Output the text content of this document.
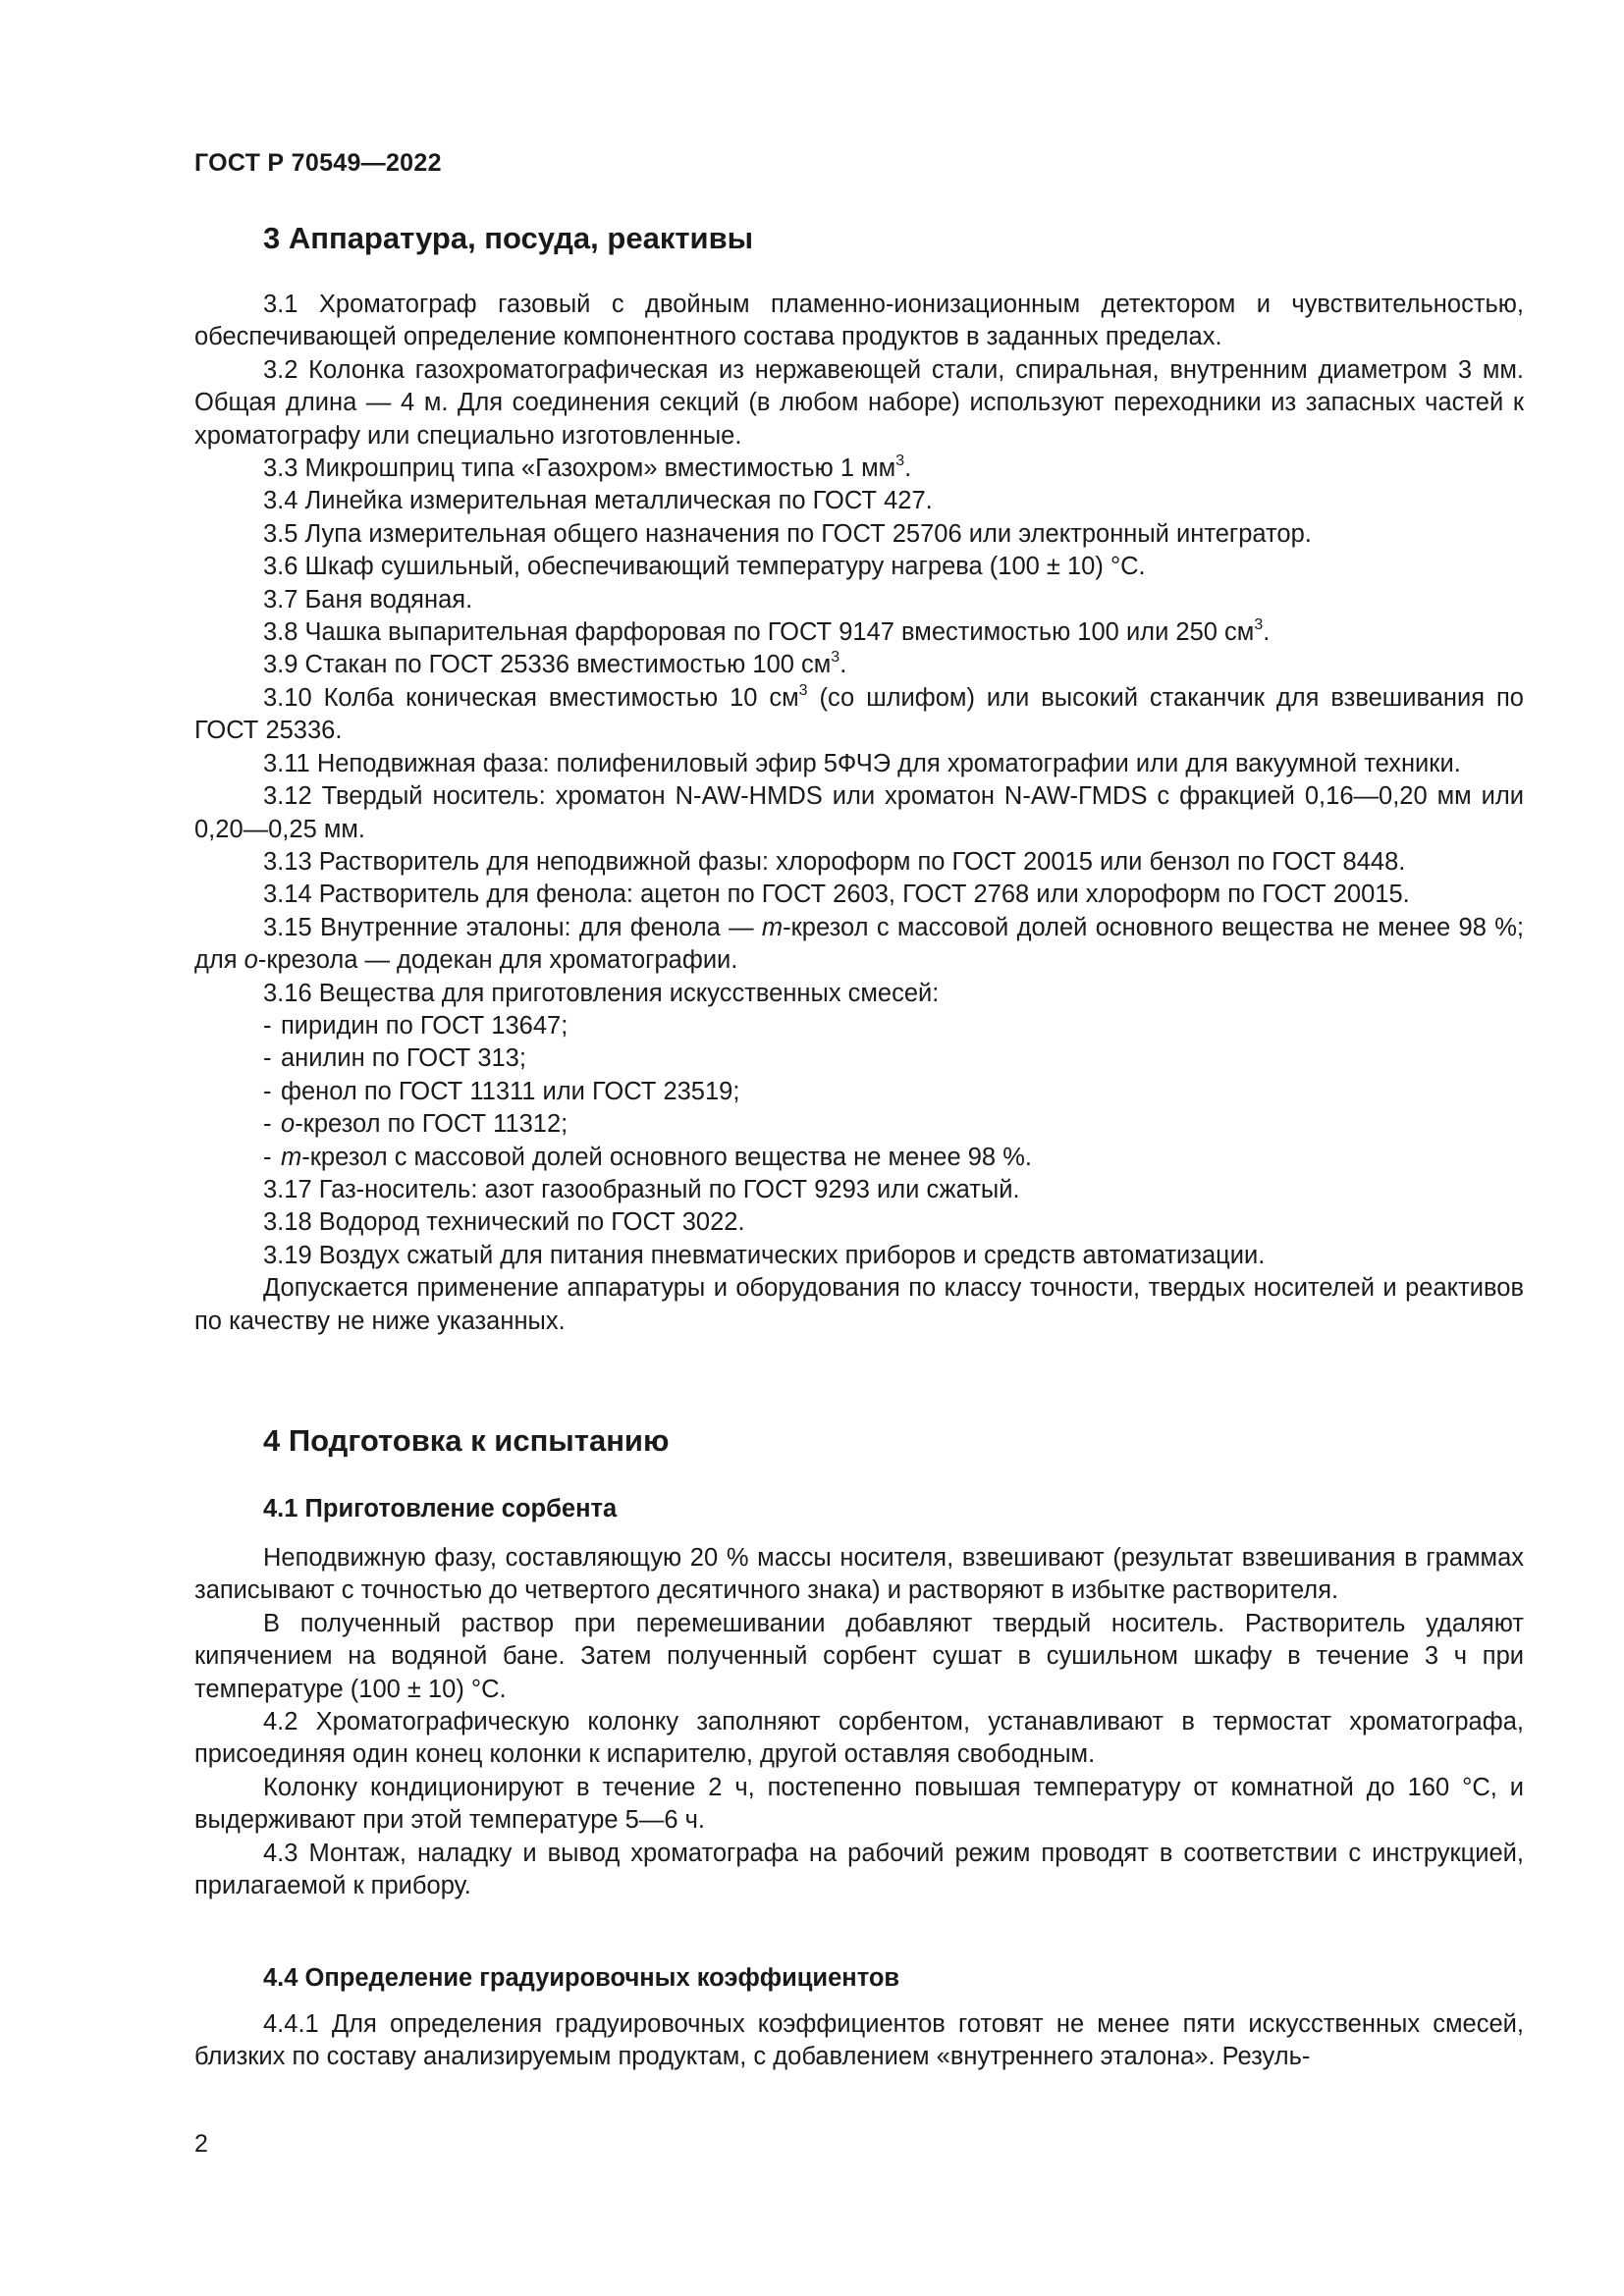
ГОСТ Р 70549—2022
3 Аппаратура, посуда, реактивы

3.1 Хроматограф газовый с двойным пламенно-ионизационным детектором и чувствительностью, обеспечивающей определение компонентного состава продуктов в заданных пределах.

3.2 Колонка газохроматографическая из нержавеющей стали, спиральная, внутренним диаметром 3 мм. Общая длина — 4 м. Для соединения секций (в любом наборе) используют переходники из запасных частей к хроматографу или специально изготовленные.

3.3 Микрошприц типа «Газохром» вместимостью 1 $мм^3$.

3.4 Линейка измерительная металлическая по ГОСТ 427.

3.5 Лупа измерительная общего назначения по ГОСТ 25706 или электронный интегратор.

3.6 Шкаф сушильный, обеспечивающий температуру нагрева (100 ± 10) °С.

3.7 Баня водяная.

3.8 Чашка выпарительная фарфоровая по ГОСТ 9147 вместимостью 100 или 250 $см^3$.

3.9 Стакан по ГОСТ 25336 вместимостью 100 $см^3$.

3.10 Колба коническая вместимостью 10 $см^3$ (со шлифом) или высокий стаканчик для взвешивания по ГОСТ 25336.

3.11 Неподвижная фаза: полифениловый эфир 5ФЧЭ для хроматографии или для вакуумной техники.

3.12 Твердый носитель: хроматон N-AW-HMDS или хроматон N-AW-ГMDS с фракцией 0,16—0,20 мм или 0,20—0,25 мм.

3.13 Растворитель для неподвижной фазы: хлороформ по ГОСТ 20015 или бензол по ГОСТ 8448.

3.14 Растворитель для фенола: ацетон по ГОСТ 2603, ГОСТ 2768 или хлороформ по ГОСТ 20015.

3.15 Внутренние эталоны: для фенола — m-крезол с массовой долей основного вещества не менее 98 %; для о-крезола — додекан для хроматографии.

3.16 Вещества для приготовления искусственных смесей:

- пиридин по ГОСТ 13647;

- анилин по ГОСТ 313;

- фенол по ГОСТ 11311 или ГОСТ 23519;

- о-крезол по ГОСТ 11312;

- m-крезол с массовой долей основного вещества не менее 98 %.

3.17 Газ-носитель: азот газообразный по ГОСТ 9293 или сжатый.

3.18 Водород технический по ГОСТ 3022.

3.19 Воздух сжатый для питания пневматических приборов и средств автоматизации.

Допускается применение аппаратуры и оборудования по классу точности, твердых носителей и реактивов по качеству не ниже указанных.

4 Подготовка к испытанию
4.1 Приготовление сорбента

Неподвижную фазу, составляющую 20 % массы носителя, взвешивают (результат взвешивания в граммах записывают с точностью до четвертого десятичного знака) и растворяют в избытке растворителя.

В полученный раствор при перемешивании добавляют твердый носитель. Растворитель удаляют кипячением на водяной бане. Затем полученный сорбент сушат в сушильном шкафу в течение 3 ч при температуре (100 ± 10) °С.

4.2 Хроматографическую колонку заполняют сорбентом, устанавливают в термостат хроматографа, присоединяя один конец колонки к испарителю, другой оставляя свободным.

Колонку кондиционируют в течение 2 ч, постепенно повышая температуру от комнатной до 160 °С, и выдерживают при этой температуре 5—6 ч.

4.3 Монтаж, наладку и вывод хроматографа на рабочий режим проводят в соответствии с инструкцией, прилагаемой к прибору.

4.4 Определение градуировочных коэффициентов

4.4.1 Для определения градуировочных коэффициентов готовят не менее пяти искусственных смесей, близких по составу анализируемым продуктам, с добавлением «внутреннего эталона». Резуль-

2
